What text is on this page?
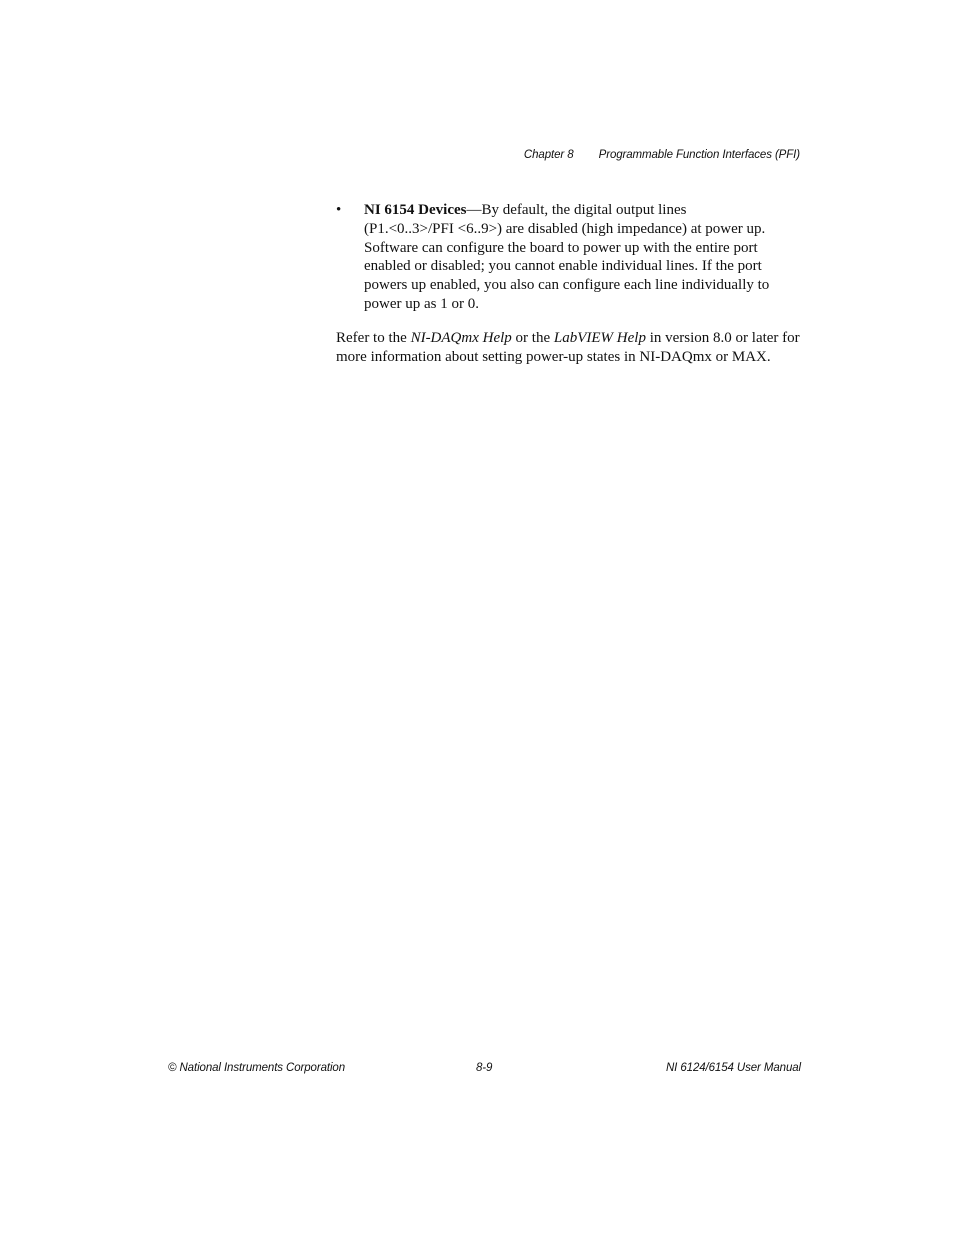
Chapter 8 Programmable Function Interfaces (PFI)
• NI 6154 Devices—By default, the digital output lines
(P1.<0..3>/PFI <6..9>) are disabled (high impedance) at power up. Software can configure the board to power up with the entire port enabled or disabled; you cannot enable individual lines. If the port powers up enabled, you also can configure each line individually to power up as 1 or 0.
Refer to the NI-DAQmx Help or the LabVIEW Help in version 8.0 or later for more information about setting power-up states in NI-DAQmx or MAX.
© National Instruments Corporation	8-9	NI 6124/6154 User Manual
